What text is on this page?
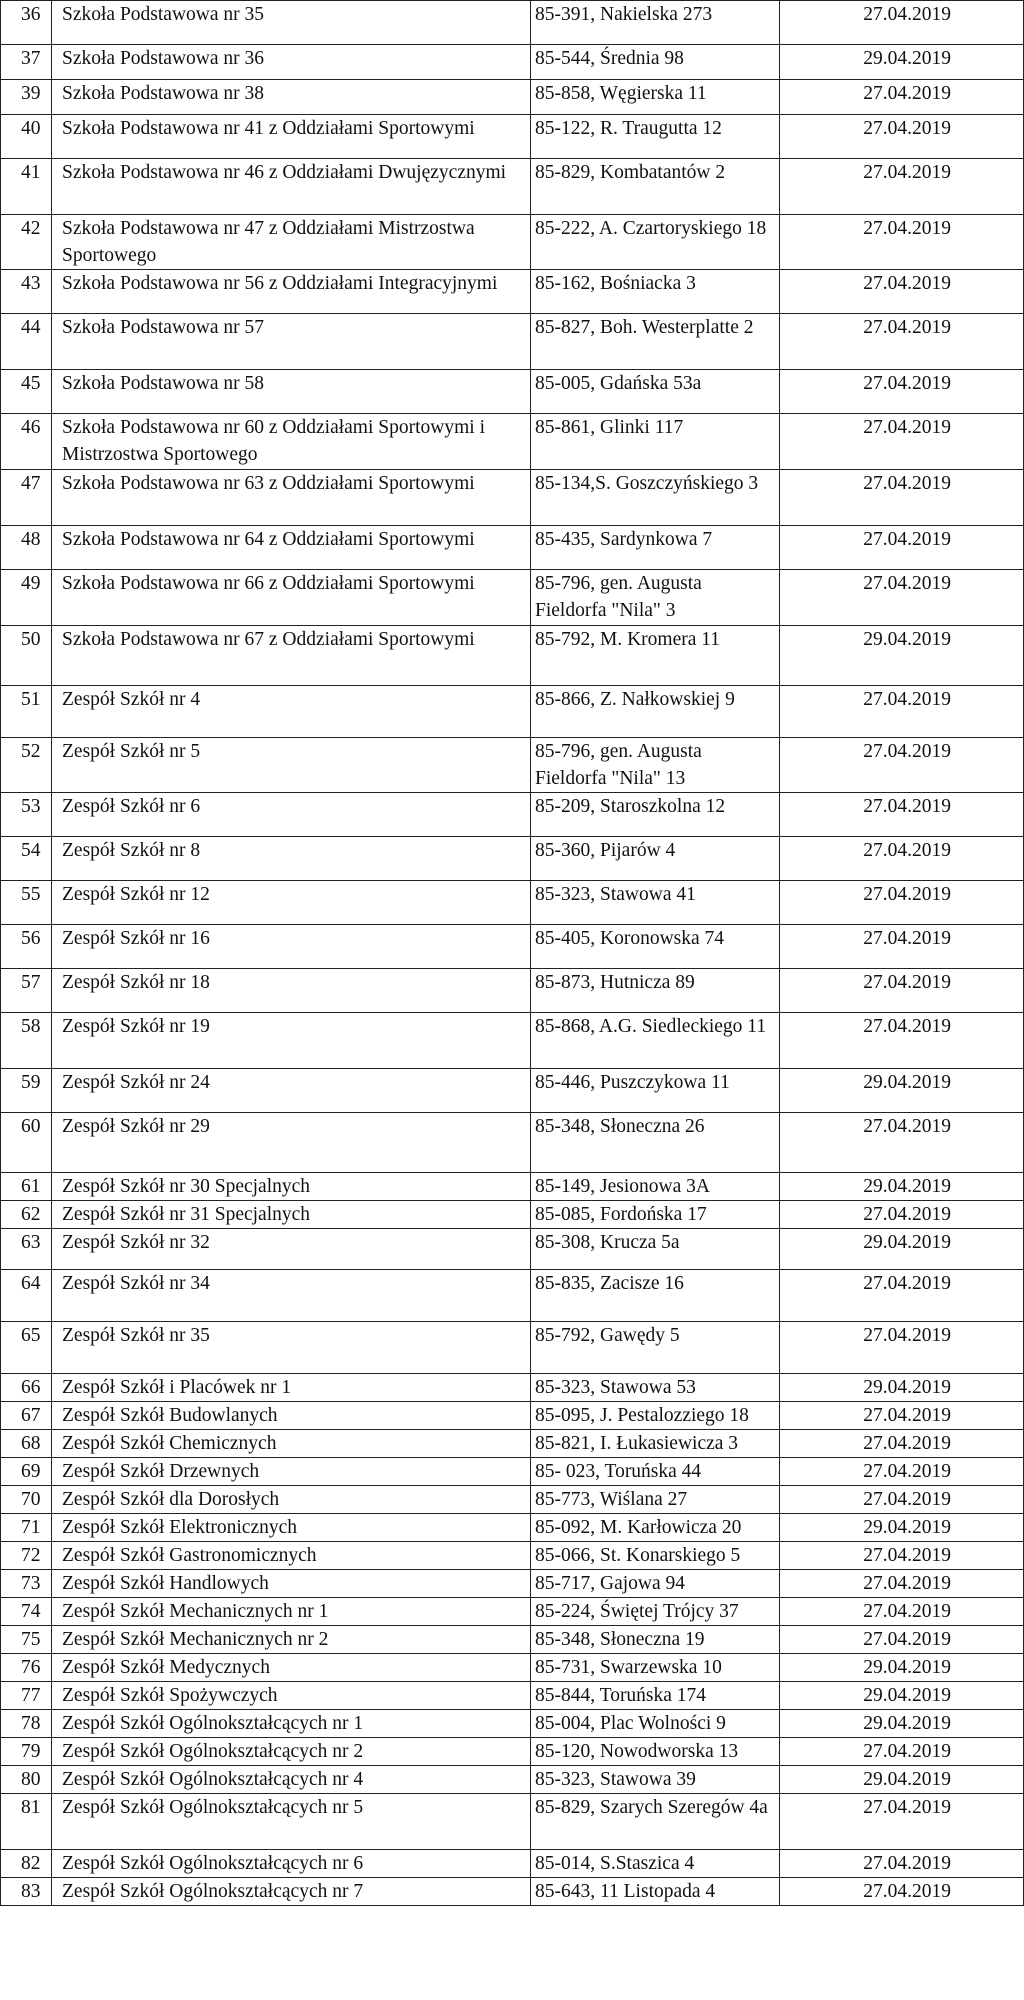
36	Szkoła Podstawowa nr 35	85-391, Nakielska 273	27.04.2019
37	Szkoła Podstawowa nr 36	85-544, Średnia 98	29.04.2019
39	Szkoła Podstawowa nr 38	85-858, Węgierska 11	27.04.2019
40	Szkoła Podstawowa nr 41 z Oddziałami Sportowymi	85-122, R. Traugutta 12	27.04.2019
41	Szkoła Podstawowa nr 46 z Oddziałami Dwujęzycznymi	85-829, Kombatantów 2	27.04.2019
42	Szkoła Podstawowa nr 47 z Oddziałami Mistrzostwa Sportowego	85-222, A. Czartoryskiego 18	27.04.2019
43	Szkoła Podstawowa nr 56 z Oddziałami Integracyjnymi	85-162, Bośniacka 3	27.04.2019
44	Szkoła Podstawowa nr 57	85-827, Boh. Westerplatte 2	27.04.2019
45	Szkoła Podstawowa nr 58	85-005, Gdańska 53a	27.04.2019
46	Szkoła Podstawowa nr 60 z Oddziałami Sportowymi i Mistrzostwa Sportowego	85-861, Glinki 117	27.04.2019
47	Szkoła Podstawowa nr 63 z Oddziałami Sportowymi	85-134,S. Goszczyńskiego 3	27.04.2019
48	Szkoła Podstawowa nr 64 z Oddziałami Sportowymi	85-435, Sardynkowa 7	27.04.2019
49	Szkoła Podstawowa nr 66 z Oddziałami Sportowymi	85-796, gen. Augusta Fieldorfa "Nila" 3	27.04.2019
50	Szkoła Podstawowa nr 67 z Oddziałami Sportowymi	85-792, M. Kromera 11	29.04.2019
51	Zespół Szkół nr 4	85-866, Z. Nałkowskiej 9	27.04.2019
52	Zespół Szkół nr 5	85-796, gen. Augusta Fieldorfa "Nila" 13	27.04.2019
53	Zespół Szkół nr 6	85-209, Staroszkolna 12	27.04.2019
54	Zespół Szkół nr 8	85-360, Pijarów 4	27.04.2019
55	Zespół Szkół nr 12	85-323, Stawowa 41	27.04.2019
56	Zespół Szkół nr 16	85-405, Koronowska 74	27.04.2019
57	Zespół Szkół nr 18	85-873, Hutnicza 89	27.04.2019
58	Zespół Szkół nr 19	85-868, A.G. Siedleckiego 11	27.04.2019
59	Zespół Szkół nr 24	85-446, Puszczykowa 11	29.04.2019
60	Zespół Szkół nr 29	85-348, Słoneczna 26	27.04.2019
61	Zespół Szkół nr 30 Specjalnych	85-149, Jesionowa 3A	29.04.2019
62	Zespół Szkół nr 31 Specjalnych	85-085, Fordońska 17	27.04.2019
63	Zespół Szkół nr 32	85-308, Krucza 5a	29.04.2019
64	Zespół Szkół nr 34	85-835, Zacisze 16	27.04.2019
65	Zespół Szkół nr 35	85-792, Gawędy 5	27.04.2019
66	Zespół Szkół i Placówek nr 1	85-323, Stawowa 53	29.04.2019
67	Zespół Szkół Budowlanych	85-095, J. Pestalozziego 18	27.04.2019
68	Zespół Szkół Chemicznych	85-821, I. Łukasiewicza 3	27.04.2019
69	Zespół Szkół Drzewnych	85- 023, Toruńska 44	27.04.2019
70	Zespół Szkół dla Dorosłych	85-773, Wiślana 27	27.04.2019
71	Zespół Szkół Elektronicznych	85-092, M. Karłowicza 20	29.04.2019
72	Zespół Szkół Gastronomicznych	85-066, St. Konarskiego 5	27.04.2019
73	Zespół Szkół Handlowych	85-717, Gajowa 94	27.04.2019
74	Zespół Szkół Mechanicznych nr 1	85-224, Świętej Trójcy 37	27.04.2019
75	Zespół Szkół Mechanicznych nr 2	85-348, Słoneczna 19	27.04.2019
76	Zespół Szkół Medycznych	85-731, Swarzewska 10	29.04.2019
77	Zespół Szkół Spożywczych	85-844, Toruńska 174	29.04.2019
78	Zespół Szkół Ogólnokształcących nr 1	85-004, Plac Wolności 9	29.04.2019
79	Zespół Szkół Ogólnokształcących nr 2	85-120, Nowodworska 13	27.04.2019
80	Zespół Szkół Ogólnokształcących nr 4	85-323, Stawowa 39	29.04.2019
81	Zespół Szkół Ogólnokształcących nr 5	85-829, Szarych Szeregów 4a	27.04.2019
82	Zespół Szkół Ogólnokształcących nr 6	85-014, S.Staszica 4	27.04.2019
83	Zespół Szkół Ogólnokształcących nr 7	85-643, 11 Listopada 4	27.04.2019
